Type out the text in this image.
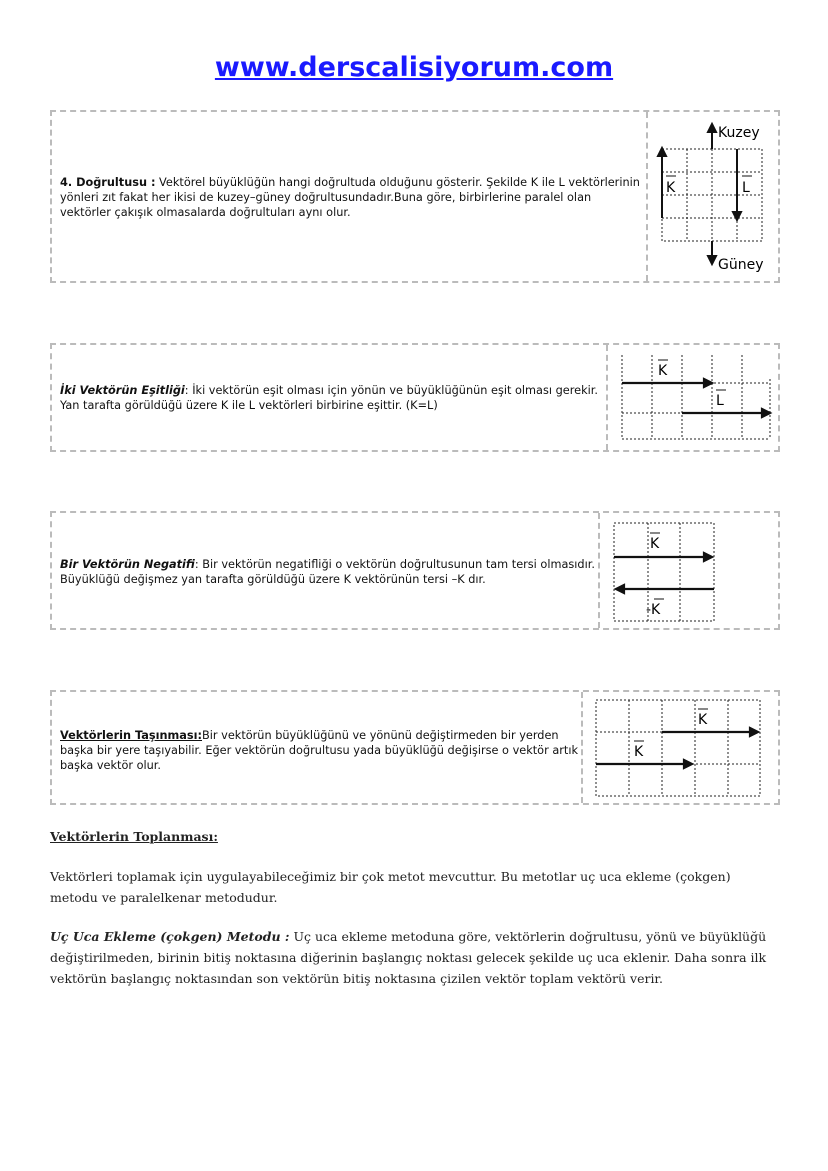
www.derscalisiyorum.com
4. Doğrultusu : Vektörel büyüklüğün hangi doğrultuda olduğunu gösterir. Şekilde K ile L vektörlerinin yönleri zıt fakat her ikisi de kuzey–güney doğrultusundadır.Buna göre, birbirlerine paralel olan vektörler çakışık olmasalarda doğrultuları aynı olur.
Kuzey
Güney
K	L
İki Vektörün Eşitliği: İki vektörün eşit olması için yönün ve büyüklüğünün eşit olması gerekir. Yan tarafta görüldüğü üzere K ile L vektörleri birbirine eşittir. (K=L)
K
L
Bir Vektörün Negatifi: Bir vektörün negatifliği o vektörün doğrultusunun tam tersi olmasıdır. Büyüklüğü değişmez yan tarafta görüldüğü üzere K vektörünün tersi –K dır.
K
-K
Vektörlerin Taşınması:Bir vektörün büyüklüğünü ve yönünü değiştirmeden bir yerden başka bir yere taşıyabilir. Eğer vektörün doğrultusu yada büyüklüğü değişirse o vektör artık başka vektör olur.
K
K
Vektörlerin Toplanması:
Vektörleri toplamak için uygulayabileceğimiz bir çok metot mevcuttur. Bu metotlar uç uca ekleme (çokgen) metodu ve paralelkenar metodudur.
Uç Uca Ekleme (çokgen) Metodu : Uç uca ekleme metoduna göre, vektörlerin doğrultusu, yönü ve büyüklüğü değiştirilmeden, birinin bitiş noktasına diğerinin başlangıç noktası gelecek şekilde uç uca eklenir. Daha sonra ilk vektörün başlangıç noktasından son vektörün bitiş noktasına çizilen vektör toplam vektörü verir.
